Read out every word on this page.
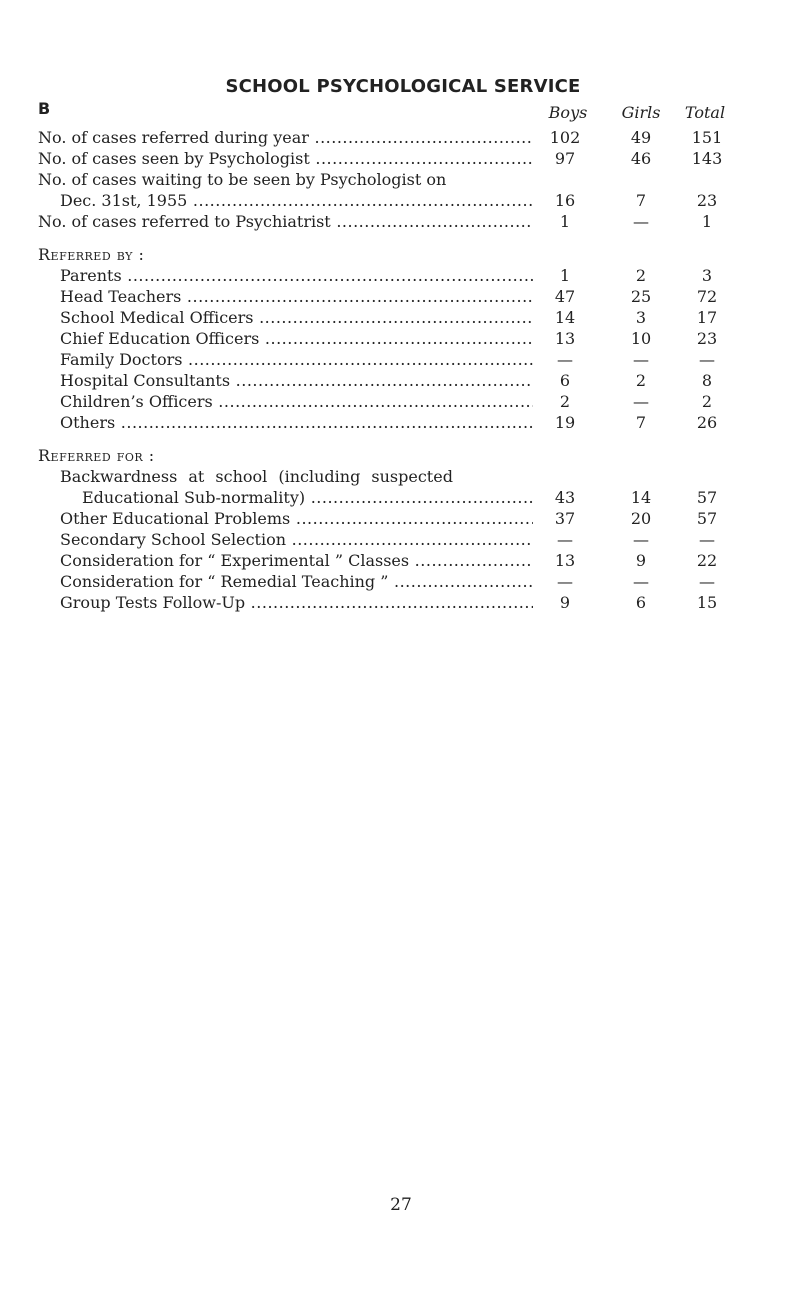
SCHOOL PSYCHOLOGICAL SERVICE
B	Boys	Girls	Total
No. of cases referred during year .....	102	49	151
No. of cases seen by Psychologist .....	97	46	143
No. of cases waiting to be seen by Psychologist on
Dec. 31st, 1955 .....	16	7	23
No. of cases referred to Psychiatrist .....	1	—	1
Referred by :
Parents .....	1	2	3
Head Teachers .....	47	25	72
School Medical Officers .....	14	3	17
Chief Education Officers .....	13	10	23
Family Doctors .....	—	—	—
Hospital Consultants .....	6	2	8
Children’s Officers .....	2	—	2
Others .....	19	7	26
Referred for :
Backwardness at school (including suspected
Educational Sub-normality) .....	43	14	57
Other Educational Problems .....	37	20	57
Secondary School Selection .....	—	—	—
Consideration for “ Experimental ” Classes .....	13	9	22
Consideration for “ Remedial Teaching ” .....	—	—	—
Group Tests Follow-Up .....	9	6	15
27
